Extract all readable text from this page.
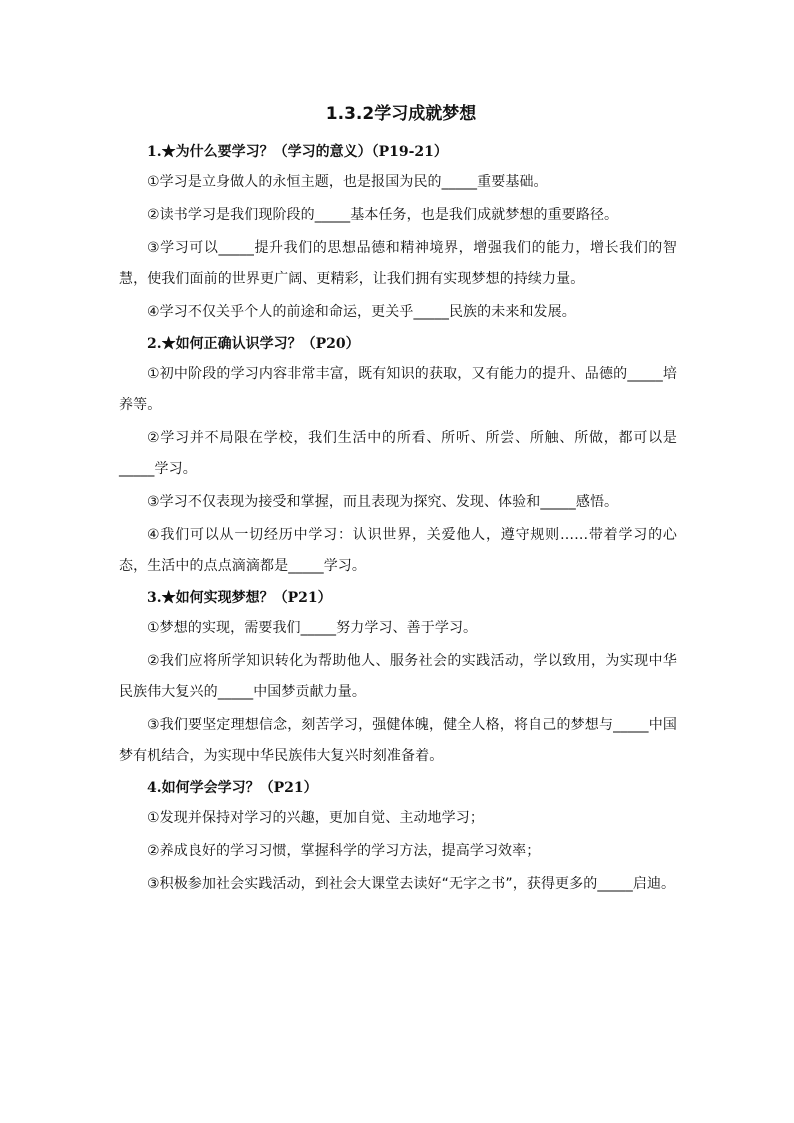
1.3.2学习成就梦想

1.★为什么要学习？（学习的意义）（P19-21）

①学习是立身做人的永恒主题，也是报国为民的_____重要基础。

②读书学习是我们现阶段的_____基本任务，也是我们成就梦想的重要路径。

③学习可以_____提升我们的思想品德和精神境界，增强我们的能力，增长我们的智慧，使我们面前的世界更广阔、更精彩，让我们拥有实现梦想的持续力量。

④学习不仅关乎个人的前途和命运，更关乎_____民族的未来和发展。

2.★如何正确认识学习？（P20）

①初中阶段的学习内容非常丰富，既有知识的获取，又有能力的提升、品德的_____培养等。

②学习并不局限在学校，我们生活中的所看、所听、所尝、所触、所做，都可以是_____学习。

③学习不仅表现为接受和掌握，而且表现为探究、发现、体验和_____感悟。

④我们可以从一切经历中学习：认识世界，关爱他人，遵守规则……带着学习的心态，生活中的点点滴滴都是_____学习。

3.★如何实现梦想？（P21）

①梦想的实现，需要我们_____努力学习、善于学习。

②我们应将所学知识转化为帮助他人、服务社会的实践活动，学以致用，为实现中华民族伟大复兴的_____中国梦贡献力量。

③我们要坚定理想信念，刻苦学习，强健体魄，健全人格，将自己的梦想与_____中国梦有机结合，为实现中华民族伟大复兴时刻准备着。

4.如何学会学习？（P21）

①发现并保持对学习的兴趣，更加自觉、主动地学习；

②养成良好的学习习惯，掌握科学的学习方法，提高学习效率；

③积极参加社会实践活动，到社会大课堂去读好“无字之书”，获得更多的_____启迪。
